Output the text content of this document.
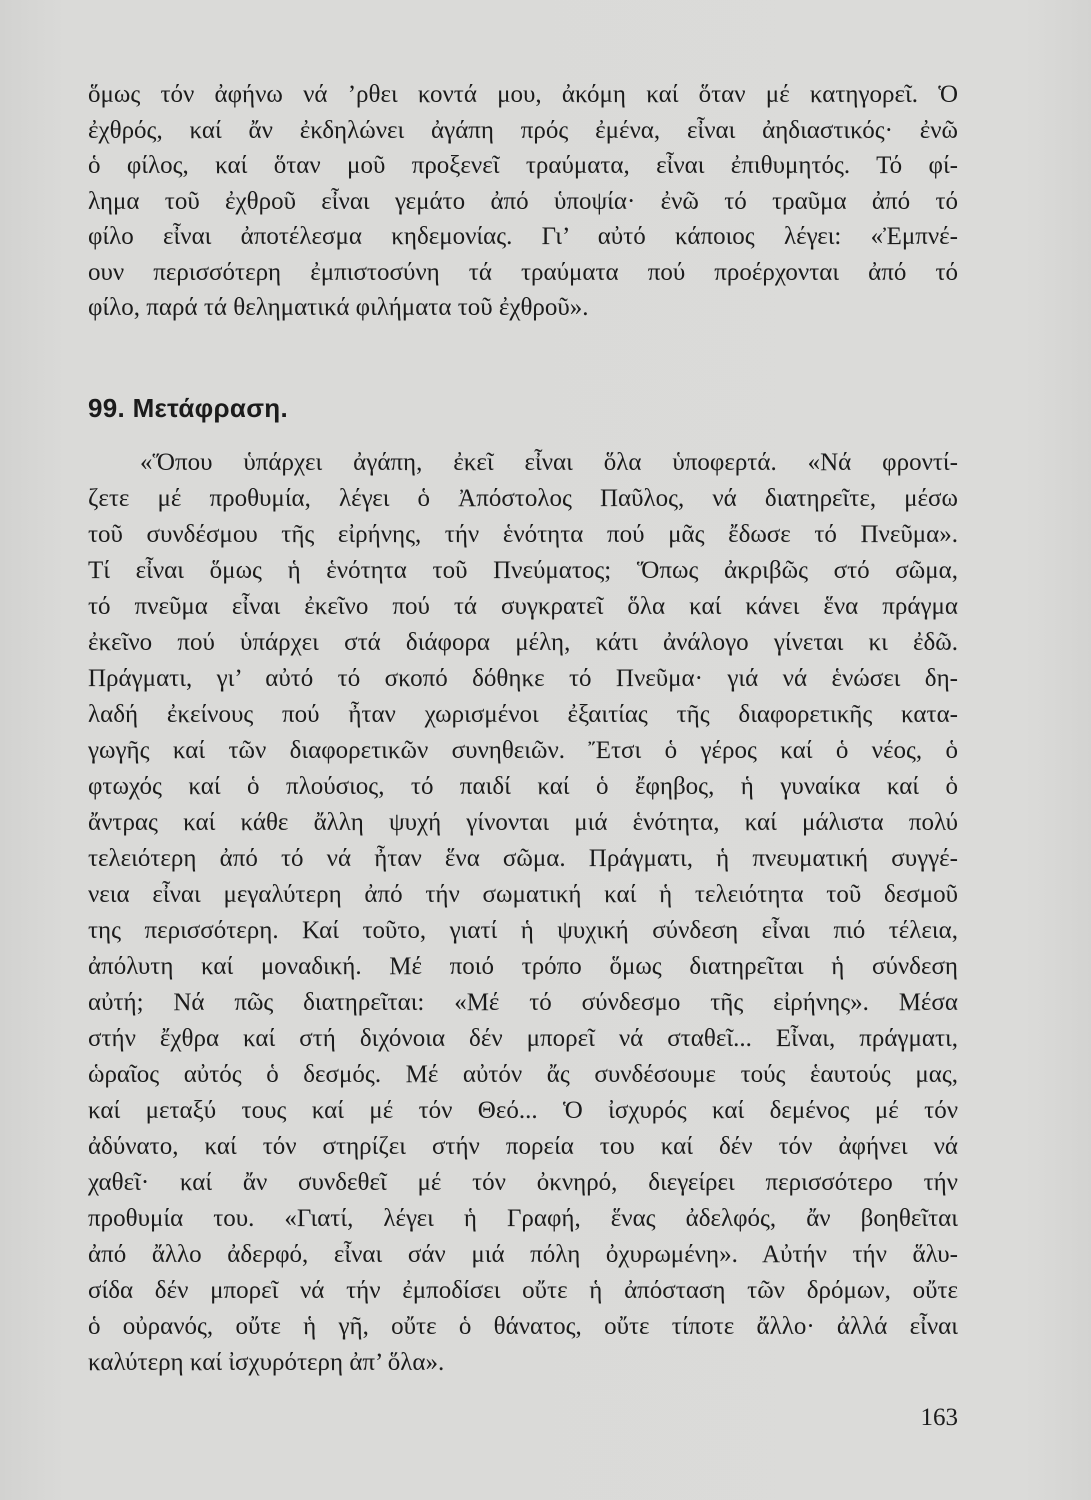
ὅμως τόν ἀφήνω νά ’ρθει κοντά μου, ἀκόμη καί ὅταν μέ κατηγορεῖ. Ὁ
ἐχθρός, καί ἄν ἐκδηλώνει ἀγάπη πρός ἐμένα, εἶναι ἀηδιαστικός· ἐνῶ
ὁ φίλος, καί ὅταν μοῦ προξενεῖ τραύματα, εἶναι ἐπιθυμητός. Τό φί-
λημα τοῦ ἐχθροῦ εἶναι γεμάτο ἀπό ὑποψία· ἐνῶ τό τραῦμα ἀπό τό
φίλο εἶναι ἀποτέλεσμα κηδεμονίας. Γι’ αὐτό κάποιος λέγει: «Ἐμπνέ-
ουν περισσότερη ἐμπιστοσύνη τά τραύματα πού προέρχονται ἀπό τό
φίλο, παρά τά θεληματικά φιλήματα τοῦ ἐχθροῦ».
99. Μετάφραση.
«Ὅπου ὑπάρχει ἀγάπη, ἐκεῖ εἶναι ὅλα ὑποφερτά. «Νά φροντί-
ζετε μέ προθυμία, λέγει ὁ Ἀπόστολος Παῦλος, νά διατηρεῖτε, μέσω
τοῦ συνδέσμου τῆς εἰρήνης, τήν ἑνότητα πού μᾶς ἔδωσε τό Πνεῦμα».
Τί εἶναι ὅμως ἡ ἑνότητα τοῦ Πνεύματος; Ὅπως ἀκριβῶς στό σῶμα,
τό πνεῦμα εἶναι ἐκεῖνο πού τά συγκρατεῖ ὅλα καί κάνει ἕνα πράγμα
ἐκεῖνο πού ὑπάρχει στά διάφορα μέλη, κάτι ἀνάλογο γίνεται κι ἐδῶ.
Πράγματι, γι’ αὐτό τό σκοπό δόθηκε τό Πνεῦμα· γιά νά ἑνώσει δη-
λαδή ἐκείνους πού ἦταν χωρισμένοι ἐξαιτίας τῆς διαφορετικῆς κατα-
γωγῆς καί τῶν διαφορετικῶν συνηθειῶν. Ἔτσι ὁ γέρος καί ὁ νέος, ὁ
φτωχός καί ὁ πλούσιος, τό παιδί καί ὁ ἔφηβος, ἡ γυναίκα καί ὁ
ἄντρας καί κάθε ἄλλη ψυχή γίνονται μιά ἑνότητα, καί μάλιστα πολύ
τελειότερη ἀπό τό νά ἦταν ἕνα σῶμα. Πράγματι, ἡ πνευματική συγγέ-
νεια εἶναι μεγαλύτερη ἀπό τήν σωματική καί ἡ τελειότητα τοῦ δεσμοῦ
της περισσότερη. Καί τοῦτο, γιατί ἡ ψυχική σύνδεση εἶναι πιό τέλεια,
ἀπόλυτη καί μοναδική. Μέ ποιό τρόπο ὅμως διατηρεῖται ἡ σύνδεση
αὐτή; Νά πῶς διατηρεῖται: «Μέ τό σύνδεσμο τῆς εἰρήνης». Μέσα
στήν ἔχθρα καί στή διχόνοια δέν μπορεῖ νά σταθεῖ... Εἶναι, πράγματι,
ὡραῖος αὐτός ὁ δεσμός. Μέ αὐτόν ἄς συνδέσουμε τούς ἑαυτούς μας,
καί μεταξύ τους καί μέ τόν Θεό... Ὁ ἰσχυρός καί δεμένος μέ τόν
ἀδύνατο, καί τόν στηρίζει στήν πορεία του καί δέν τόν ἀφήνει νά
χαθεῖ· καί ἄν συνδεθεῖ μέ τόν ὀκνηρό, διεγείρει περισσότερο τήν
προθυμία του. «Γιατί, λέγει ἡ Γραφή, ἕνας ἀδελφός, ἄν βοηθεῖται
ἀπό ἄλλο ἀδερφό, εἶναι σάν μιά πόλη ὀχυρωμένη». Αὐτήν τήν ἅλυ-
σίδα δέν μπορεῖ νά τήν ἐμποδίσει οὔτε ἡ ἀπόσταση τῶν δρόμων, οὔτε
ὁ οὐρανός, οὔτε ἡ γῆ, οὔτε ὁ θάνατος, οὔτε τίποτε ἄλλο· ἀλλά εἶναι
καλύτερη καί ἰσχυρότερη ἀπ’ ὅλα».
163
